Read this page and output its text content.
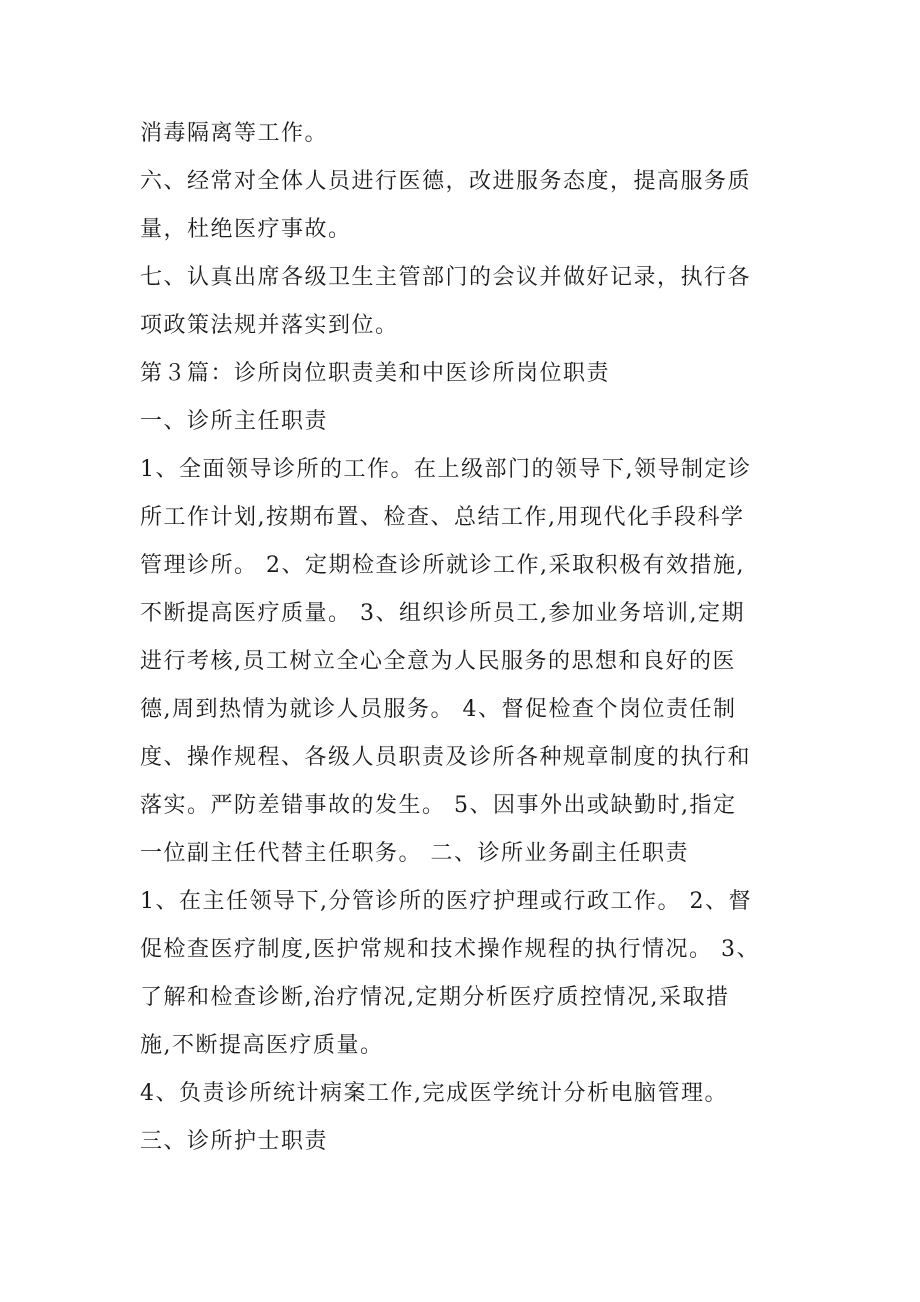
消毒隔离等工作。
六、经常对全体人员进行医德，改进服务态度，提高服务质
量，杜绝医疗事故。
七、认真出席各级卫生主管部门的会议并做好记录，执行各
项政策法规并落实到位。
第３篇：诊所岗位职责美和中医诊所岗位职责
一、诊所主任职责
1、全面领导诊所的工作。在上级部门的领导下,领导制定诊
所工作计划,按期布置、检查、总结工作,用现代化手段科学
管理诊所。 2、定期检查诊所就诊工作,采取积极有效措施,
不断提高医疗质量。 3、组织诊所员工,参加业务培训,定期
进行考核,员工树立全心全意为人民服务的思想和良好的医
德,周到热情为就诊人员服务。 4、督促检查个岗位责任制
度、操作规程、各级人员职责及诊所各种规章制度的执行和
落实。严防差错事故的发生。 5、因事外出或缺勤时,指定
一位副主任代替主任职务。 二、诊所业务副主任职责
1、在主任领导下,分管诊所的医疗护理或行政工作。 2、督
促检查医疗制度,医护常规和技术操作规程的执行情况。 3、
了解和检查诊断,治疗情况,定期分析医疗质控情况,采取措
施,不断提高医疗质量。
4、负责诊所统计病案工作,完成医学统计分析电脑管理。
三、诊所护士职责
